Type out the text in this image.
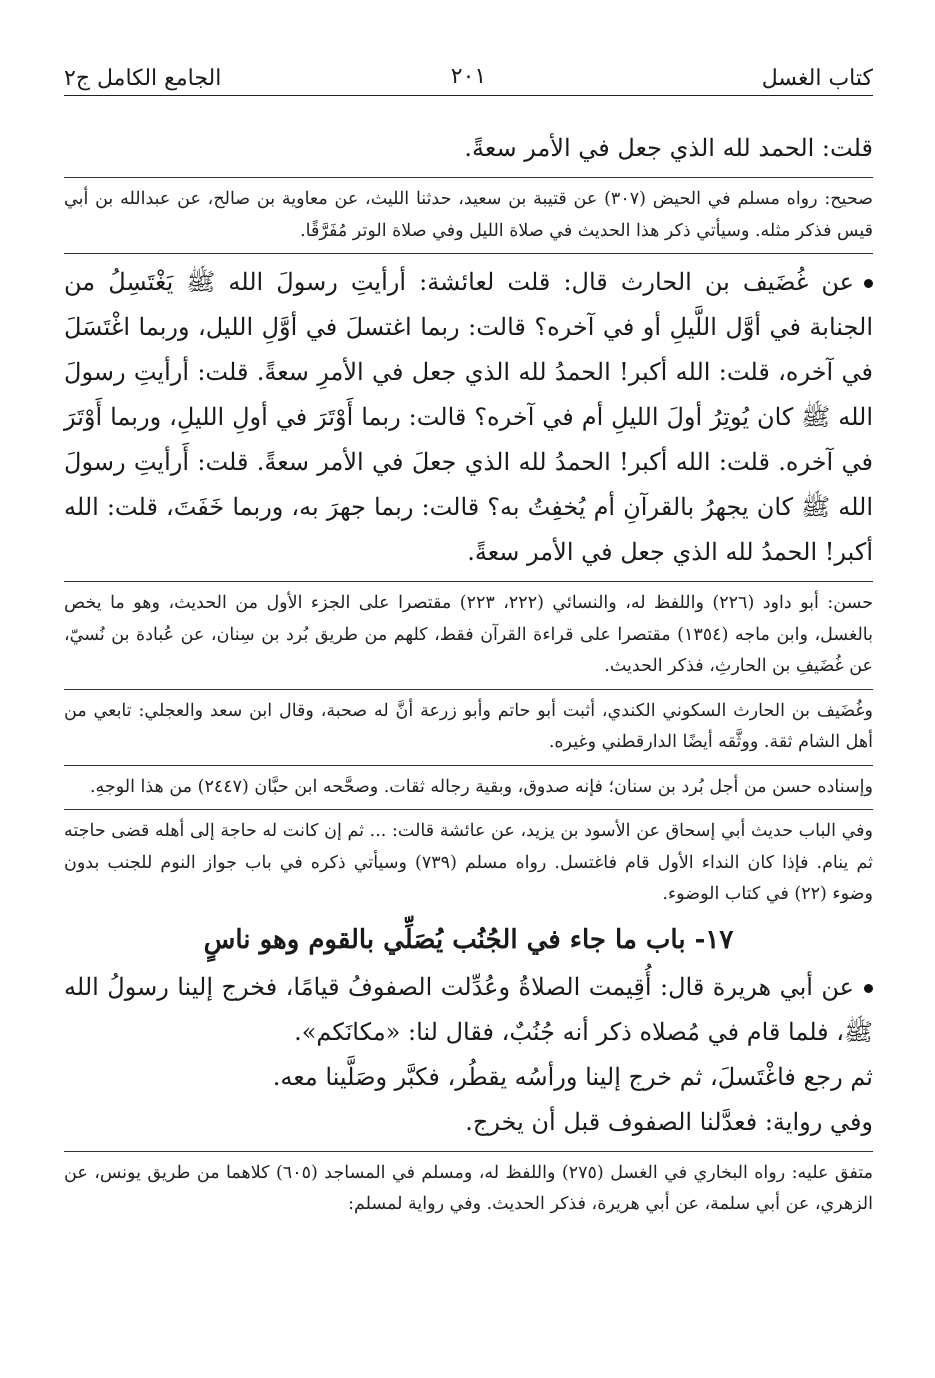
كتاب الغسل
٢٠١
الجامع الكامل ج٢

قلت: الحمد لله الذي جعل في الأمر سعةً.

صحيح: رواه مسلم في الحيض (٣٠٧) عن قتيبة بن سعيد، حدثنا الليث، عن معاوية بن صالح، عن عبدالله بن أبي قيس فذكر مثله. وسيأتي ذكر هذا الحديث في صلاة الليل وفي صلاة الوتر مُفَرَّقًا.

عن غُضَيف بن الحارث قال: قلت لعائشة: أرأيتِ رسولَ الله ﷺ يَغْتَسِلُ من الجنابة في أوَّل اللَّيلِ أو في آخره؟ قالت: ربما اغتسلَ في أوَّلِ الليل، وربما اغْتَسَلَ في آخره، قلت: الله أكبر! الحمدُ لله الذي جعل في الأمرِ سعةً. قلت: أرأيتِ رسولَ الله ﷺ كان يُوتِرُ أولَ الليلِ أم في آخره؟ قالت: ربما أَوْتَرَ في أولِ الليلِ، وربما أَوْتَرَ في آخره. قلت: الله أكبر! الحمدُ لله الذي جعلَ في الأمر سعةً. قلت: أَرأيتِ رسولَ الله ﷺ كان يجهرُ بالقرآنِ أم يُخفِتُ به؟ قالت: ربما جهرَ به، وربما خَفَتَ، قلت: الله أكبر! الحمدُ لله الذي جعل في الأمر سعةً.

حسن: أبو داود (٢٢٦) واللفظ له، والنسائي (٢٢٢، ٢٢٣) مقتصرا على الجزء الأول من الحديث، وهو ما يخص بالغسل، وابن ماجه (١٣٥٤) مقتصرا على قراءة القرآن فقط، كلهم من طريق بُرد بن سِنان، عن عُبادة بن نُسيّ، عن غُضَيفِ بن الحارثِ، فذكر الحديث.

وغُضَيف بن الحارث السكوني الكندي، أثبت أبو حاتم وأبو زرعة أنَّ له صحبة، وقال ابن سعد والعجلي: تابعي من أهل الشام ثقة. ووثَّقه أيضًا الدارقطني وغيره.

وإسناده حسن من أجل بُرد بن سنان؛ فإنه صدوق، وبقية رجاله ثقات. وصحَّحه ابن حبَّان (٢٤٤٧) من هذا الوجهِ.

وفي الباب حديث أبي إسحاق عن الأسود بن يزيد، عن عائشة قالت: ... ثم إن كانت له حاجة إلى أهله قضى حاجته ثم ينام. فإذا كان النداء الأول قام فاغتسل. رواه مسلم (٧٣٩) وسيأتي ذكره في باب جواز النوم للجنب بدون وضوء (٢٢) في كتاب الوضوء.

١٧- باب ما جاء في الجُنُب يُصَلِّي بالقوم وهو ناسٍ

عن أبي هريرة قال: أُقِيمت الصلاةُ وعُدِّلت الصفوفُ قيامًا، فخرج إلينا رسولُ الله ﷺ، فلما قام في مُصلاه ذكر أنه جُنُبٌ، فقال لنا: «مكانَكم».

ثم رجع فاغْتَسلَ، ثم خرج إلينا ورأسُه يقطُر، فكبَّر وصَلَّينا معه.

وفي رواية: فعدَّلنا الصفوف قبل أن يخرج.

متفق عليه: رواه البخاري في الغسل (٢٧٥) واللفظ له، ومسلم في المساجد (٦٠٥) كلاهما من طريق يونس، عن الزهري، عن أبي سلمة، عن أبي هريرة، فذكر الحديث. وفي رواية لمسلم:
